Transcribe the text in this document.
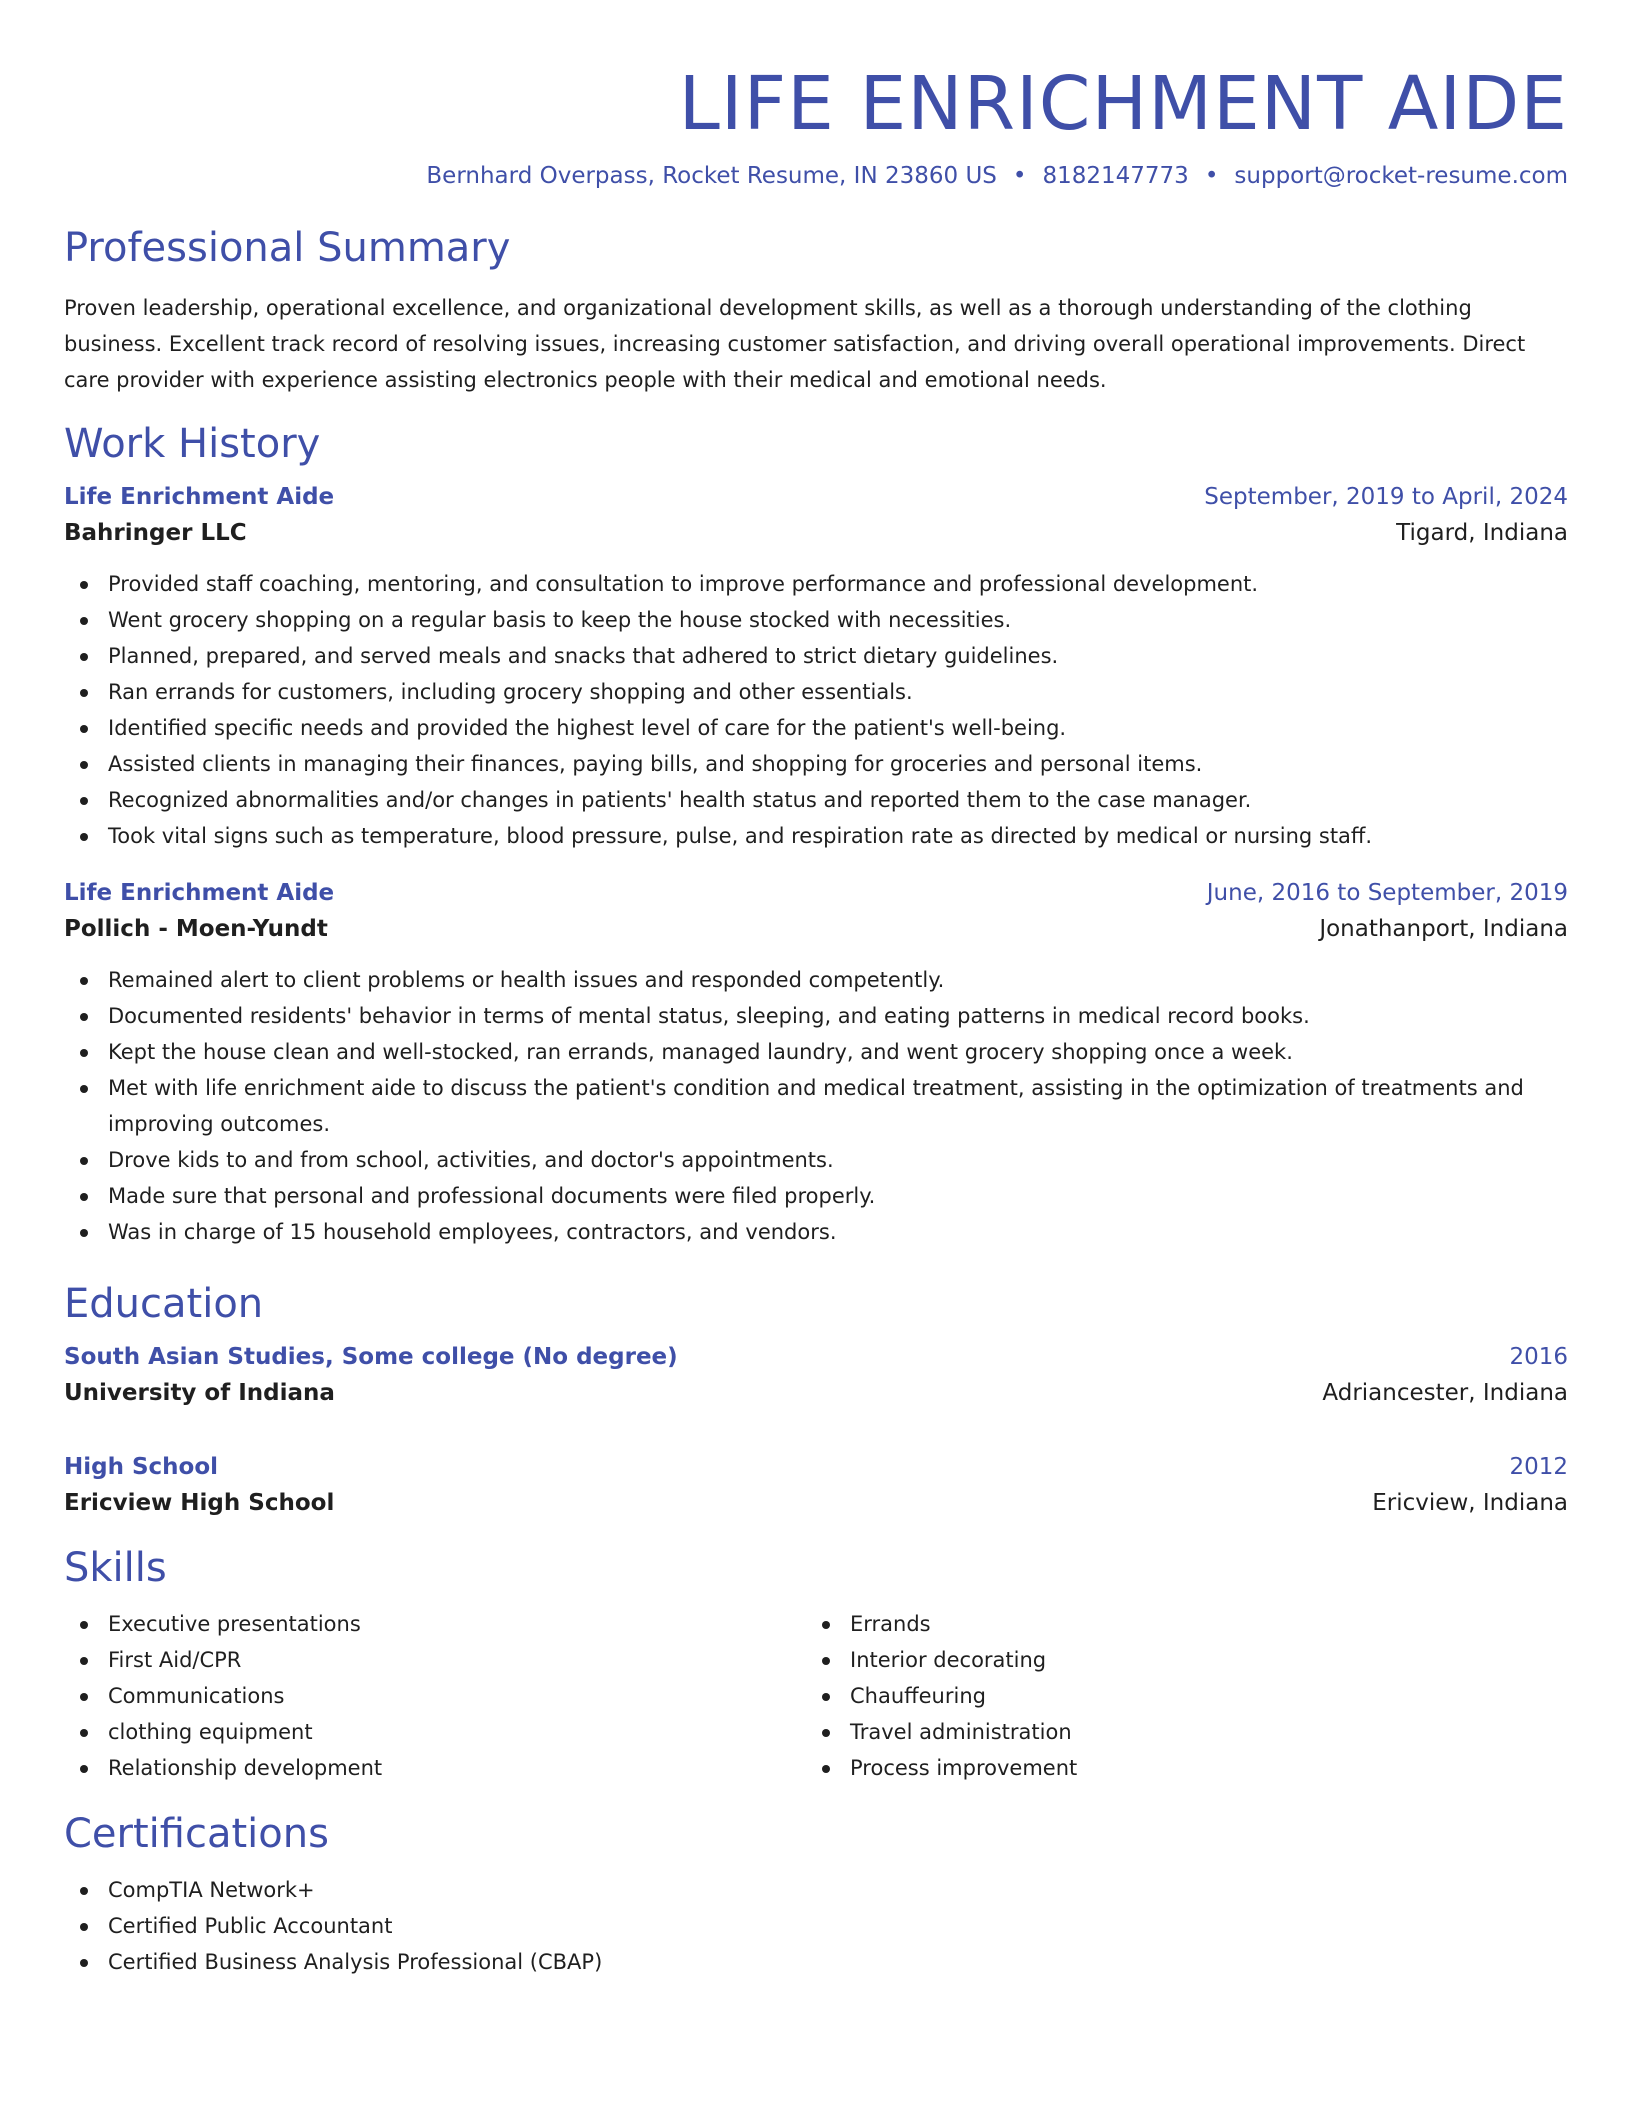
LIFE ENRICHMENT AIDE
Bernhard Overpass, Rocket Resume, IN 23860 US • 8182147773 • support@rocket-resume.com
Professional Summary

Proven leadership, operational excellence, and organizational development skills, as well as a thorough understanding of the clothing business. Excellent track record of resolving issues, increasing customer satisfaction, and driving overall operational improvements. Direct care provider with experience assisting electronics people with their medical and emotional needs.

Work History
Life Enrichment Aide	September, 2019 to April, 2024
Bahringer LLC	Tigard, Indiana
Provided staff coaching, mentoring, and consultation to improve performance and professional development.
Went grocery shopping on a regular basis to keep the house stocked with necessities.
Planned, prepared, and served meals and snacks that adhered to strict dietary guidelines.
Ran errands for customers, including grocery shopping and other essentials.
Identified specific needs and provided the highest level of care for the patient's well-being.
Assisted clients in managing their finances, paying bills, and shopping for groceries and personal items.
Recognized abnormalities and/or changes in patients' health status and reported them to the case manager.
Took vital signs such as temperature, blood pressure, pulse, and respiration rate as directed by medical or nursing staff.
Life Enrichment Aide	June, 2016 to September, 2019
Pollich - Moen-Yundt	Jonathanport, Indiana
Remained alert to client problems or health issues and responded competently.
Documented residents' behavior in terms of mental status, sleeping, and eating patterns in medical record books.
Kept the house clean and well-stocked, ran errands, managed laundry, and went grocery shopping once a week.
Met with life enrichment aide to discuss the patient's condition and medical treatment, assisting in the optimization of treatments and improving outcomes.
Drove kids to and from school, activities, and doctor's appointments.
Made sure that personal and professional documents were filed properly.
Was in charge of 15 household employees, contractors, and vendors.
Education
South Asian Studies, Some college (No degree)	2016
University of Indiana	Adriancester, Indiana
High School	2012
Ericview High School	Ericview, Indiana
Skills
Executive presentations
First Aid/CPR
Communications
clothing equipment
Relationship development
Errands
Interior decorating
Chauffeuring
Travel administration
Process improvement
Certifications
CompTIA Network+
Certified Public Accountant
Certified Business Analysis Professional (CBAP)
